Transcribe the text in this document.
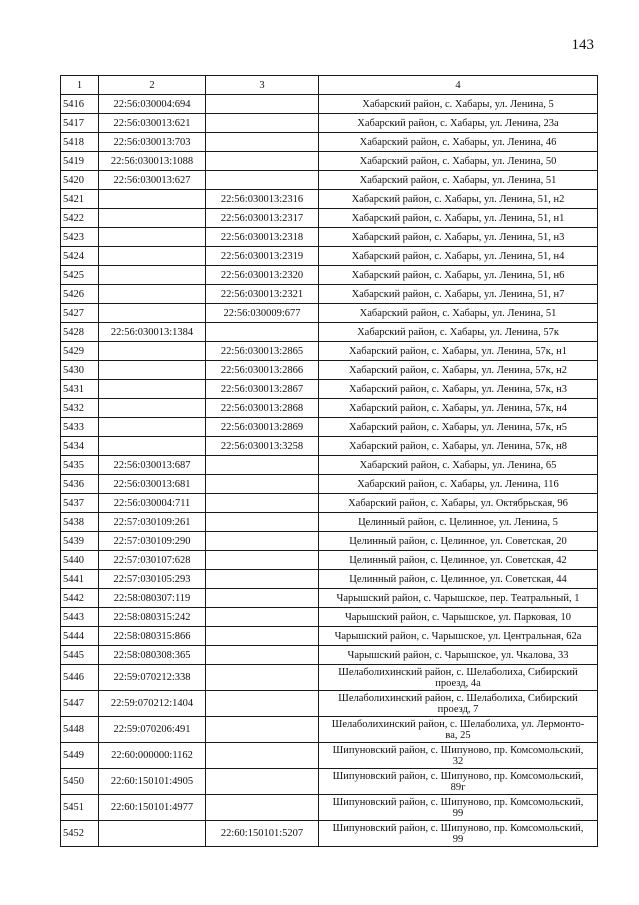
143
1	2	3	4
5416	22:56:030004:694		Хабарский район, с. Хабары, ул. Ленина, 5

5417	22:56:030013:621		Хабарский район, с. Хабары, ул. Ленина, 23а

5418	22:56:030013:703		Хабарский район, с. Хабары, ул. Ленина, 46

5419	22:56:030013:1088		Хабарский район, с. Хабары, ул. Ленина, 50

5420	22:56:030013:627		Хабарский район, с. Хабары, ул. Ленина, 51

5421		22:56:030013:2316	Хабарский район, с. Хабары, ул. Ленина, 51, н2

5422		22:56:030013:2317	Хабарский район, с. Хабары, ул. Ленина, 51, н1

5423		22:56:030013:2318	Хабарский район, с. Хабары, ул. Ленина, 51, н3

5424		22:56:030013:2319	Хабарский район, с. Хабары, ул. Ленина, 51, н4

5425		22:56:030013:2320	Хабарский район, с. Хабары, ул. Ленина, 51, н6

5426		22:56:030013:2321	Хабарский район, с. Хабары, ул. Ленина, 51, н7

5427		22:56:030009:677	Хабарский район, с. Хабары, ул. Ленина, 51

5428	22:56:030013:1384		Хабарский район, с. Хабары, ул. Ленина, 57к

5429		22:56:030013:2865	Хабарский район, с. Хабары, ул. Ленина, 57к, н1

5430		22:56:030013:2866	Хабарский район, с. Хабары, ул. Ленина, 57к, н2

5431		22:56:030013:2867	Хабарский район, с. Хабары, ул. Ленина, 57к, н3

5432		22:56:030013:2868	Хабарский район, с. Хабары, ул. Ленина, 57к, н4

5433		22:56:030013:2869	Хабарский район, с. Хабары, ул. Ленина, 57к, н5

5434		22:56:030013:3258	Хабарский район, с. Хабары, ул. Ленина, 57к, н8

5435	22:56:030013:687		Хабарский район, с. Хабары, ул. Ленина, 65

5436	22:56:030013:681		Хабарский район, с. Хабары, ул. Ленина, 116

5437	22:56:030004:711		Хабарский район, с. Хабары, ул. Октябрьская, 96

5438	22:57:030109:261		Целинный район, с. Целинное, ул. Ленина, 5

5439	22:57:030109:290		Целинный район, с. Целинное, ул. Советская, 20

5440	22:57:030107:628		Целинный район, с. Целинное, ул. Советская, 42

5441	22:57:030105:293		Целинный район, с. Целинное, ул. Советская, 44

5442	22:58:080307:119		Чарышский район, с. Чарышское, пер. Театральный, 1

5443	22:58:080315:242		Чарышский район, с. Чарышское, ул. Парковая, 10

5444	22:58:080315:866		Чарышский район, с. Чарышское, ул. Центральная, 62а

5445	22:58:080308:365		Чарышский район, с. Чарышское, ул. Чкалова, 33

5446	22:59:070212:338		Шелаболихинский район, с. Шелаболиха, Сибирский
проезд, 4а

5447	22:59:070212:1404		Шелаболихинский район, с. Шелаболиха, Сибирский
проезд, 7

5448	22:59:070206:491		Шелаболихинский район, с. Шелаболиха, ул. Лермонто-
ва, 25

5449	22:60:000000:1162		Шипуновский район, с. Шипуново, пр. Комсомольский,
32

5450	22:60:150101:4905		Шипуновский район, с. Шипуново, пр. Комсомольский,
89г

5451	22:60:150101:4977		Шипуновский район, с. Шипуново, пр. Комсомольский,
99

5452		22:60:150101:5207	Шипуновский район, с. Шипуново, пр. Комсомольский,
99
